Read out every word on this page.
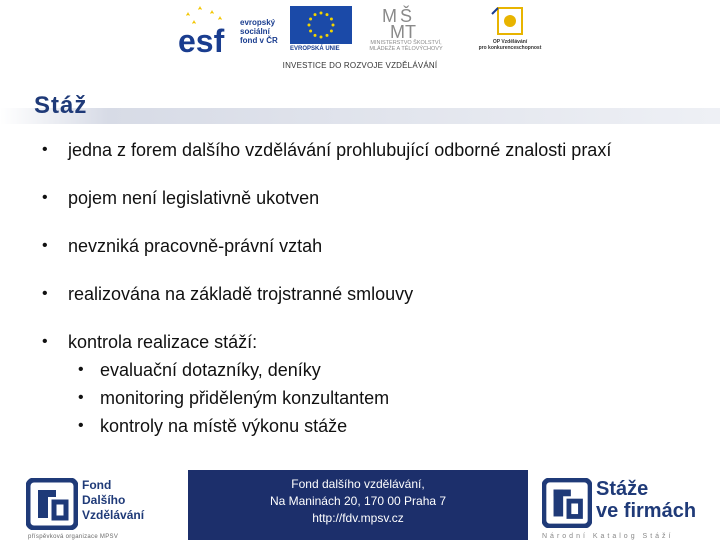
esf
evropský
sociální
fond v ČR
EVROPSKÁ UNIE
M Š
MT
MINISTERSTVO ŠKOLSTVÍ,
MLÁDEŽE A TĚLOVÝCHOVY
OP Vzdělávání
pro konkurenceschopnost
INVESTICE DO ROZVOJE VZDĚLÁVÁNÍ
Stáž
• jedna z forem dalšího vzdělávání prohlubující odborné znalosti praxí
• pojem není legislativně ukotven
• nevzniká pracovně-právní vztah
• realizována na základě trojstranné smlouvy
• kontrola realizace stáží:
• evaluační dotazníky, deníky
• monitoring přiděleným konzultantem
• kontroly na místě výkonu stáže
Fond
Dalšího
Vzdělávání
příspěvková organizace MPSV
Fond dalšího vzdělávání,
Na Maninách 20, 170 00 Praha 7
http://fdv.mpsv.cz
Stáže
ve firmách
Národní Katalog Stáží
